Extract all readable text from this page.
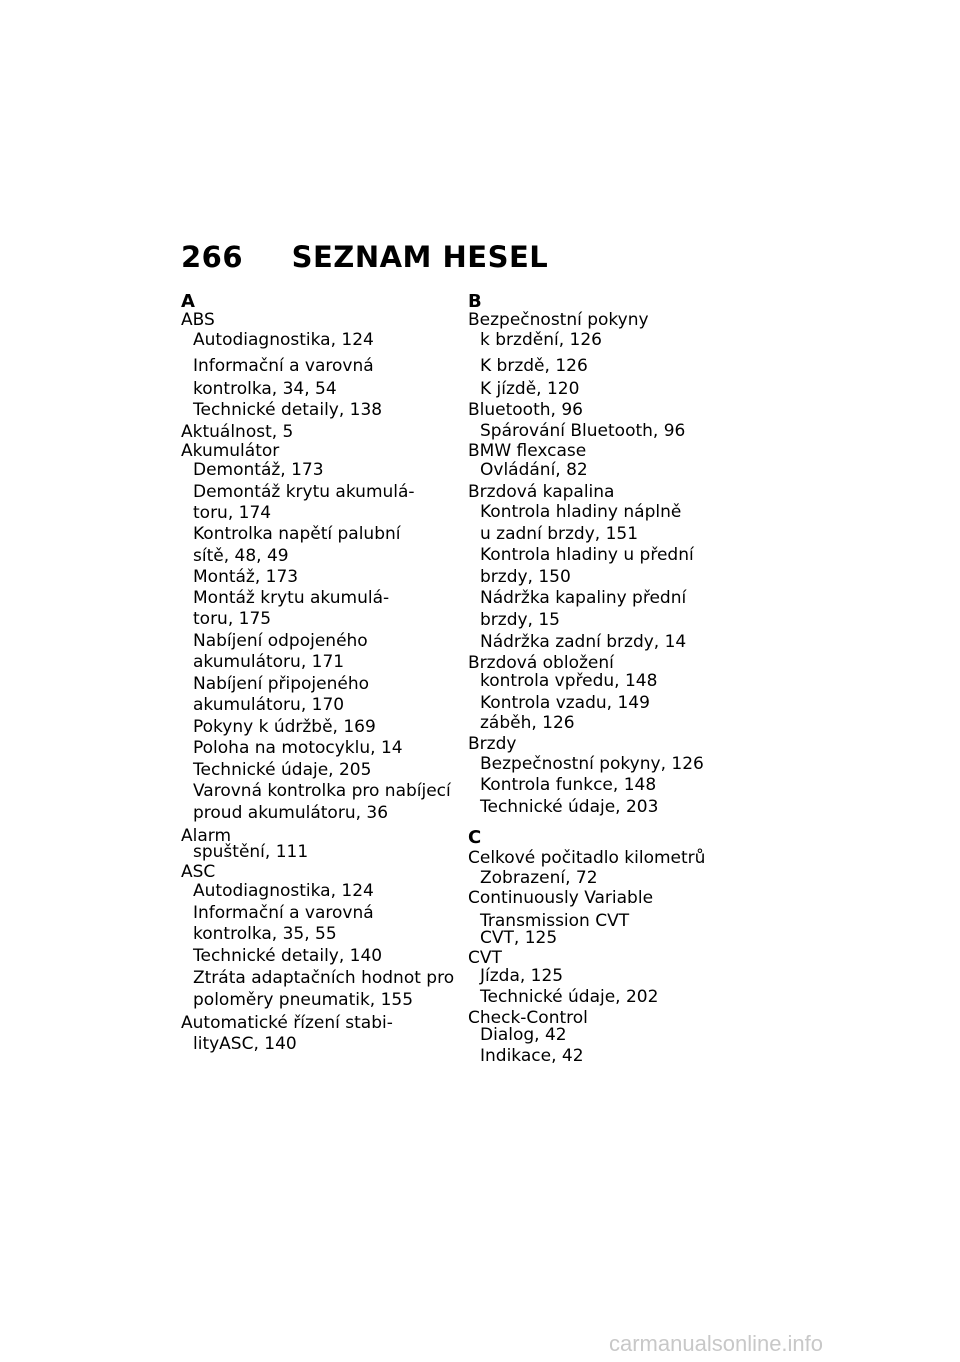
266 SEZNAM HESEL
A
ABS
Autodiagnostika, 124
Informační a varovná
kontrolka, 34, 54
Technické detaily, 138
Aktuálnost, 5
Akumulátor
Demontáž, 173
Demontáž krytu akumulá-
toru, 174
Kontrolka napětí palubní
sítě, 48, 49
Montáž, 173
Montáž krytu akumulá-
toru, 175
Nabíjení odpojeného
akumulátoru, 171
Nabíjení připojeného
akumulátoru, 170
Pokyny k údržbě, 169
Poloha na motocyklu, 14
Technické údaje, 205
Varovná kontrolka pro nabíjecí
proud akumulátoru, 36
Alarm
spuštění, 111
ASC
Autodiagnostika, 124
Informační a varovná
kontrolka, 35, 55
Technické detaily, 140
Ztráta adaptačních hodnot pro
poloměry pneumatik, 155
Automatické řízení stabi-
lityASC, 140
B
Bezpečnostní pokyny
k brzdění, 126
K brzdě, 126
K jízdě, 120
Bluetooth, 96
Spárování Bluetooth, 96
BMW flexcase
Ovládání, 82
Brzdová kapalina
Kontrola hladiny náplně
u zadní brzdy, 151
Kontrola hladiny u přední
brzdy, 150
Nádržka kapaliny přední
brzdy, 15
Nádržka zadní brzdy, 14
Brzdová obložení
kontrola vpředu, 148
Kontrola vzadu, 149
záběh, 126
Brzdy
Bezpečnostní pokyny, 126
Kontrola funkce, 148
Technické údaje, 203
C
Celkové počitadlo kilometrů
Zobrazení, 72
Continuously Variable
Transmission CVT
CVT, 125
CVT
Jízda, 125
Technické údaje, 202
Check-Control
Dialog, 42
Indikace, 42
carmanualsonline.info
